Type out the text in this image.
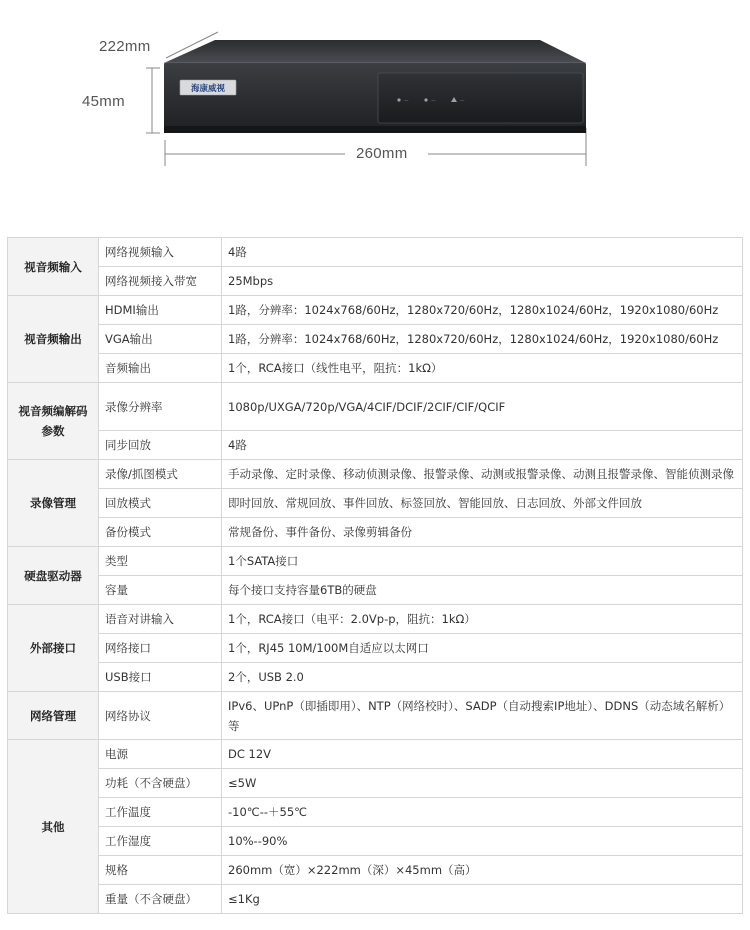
—	—	—
海康威视
222mm
45mm
260mm
视音频输入	网络视频输入	4路
	网络视频接入带宽	25Mbps
视音频输出	HDMI输出	1路，分辨率：1024x768/60Hz，1280x720/60Hz，1280x1024/60Hz，1920x1080/60Hz
	VGA输出	1路，分辨率：1024x768/60Hz，1280x720/60Hz，1280x1024/60Hz，1920x1080/60Hz
	音频输出	1个，RCA接口（线性电平，阻抗：1kΩ）
视音频编解码参数	录像分辨率	1080p/UXGA/720p/VGA/4CIF/DCIF/2CIF/CIF/QCIF
	同步回放	4路
录像管理	录像/抓图模式	手动录像、定时录像、移动侦测录像、报警录像、动测或报警录像、动测且报警录像、智能侦测录像
	回放模式	即时回放、常规回放、事件回放、标签回放、智能回放、日志回放、外部文件回放
	备份模式	常规备份、事件备份、录像剪辑备份
硬盘驱动器	类型	1个SATA接口
	容量	每个接口支持容量6TB的硬盘
外部接口	语音对讲输入	1个，RCA接口（电平：2.0Vp-p，阻抗：1kΩ）
	网络接口	1个，RJ45 10M/100M自适应以太网口
	USB接口	2个，USB 2.0
网络管理	网络协议	IPv6、UPnP（即插即用）、NTP（网络校时）、SADP（自动搜索IP地址）、DDNS（动态域名解析）等
其他	电源	DC 12V
	功耗（不含硬盘）	≤5W
	工作温度	-10℃--＋55℃
	工作湿度	10%--90%
	规格	260mm（宽）×222mm（深）×45mm（高）
	重量（不含硬盘）	≤1Kg
